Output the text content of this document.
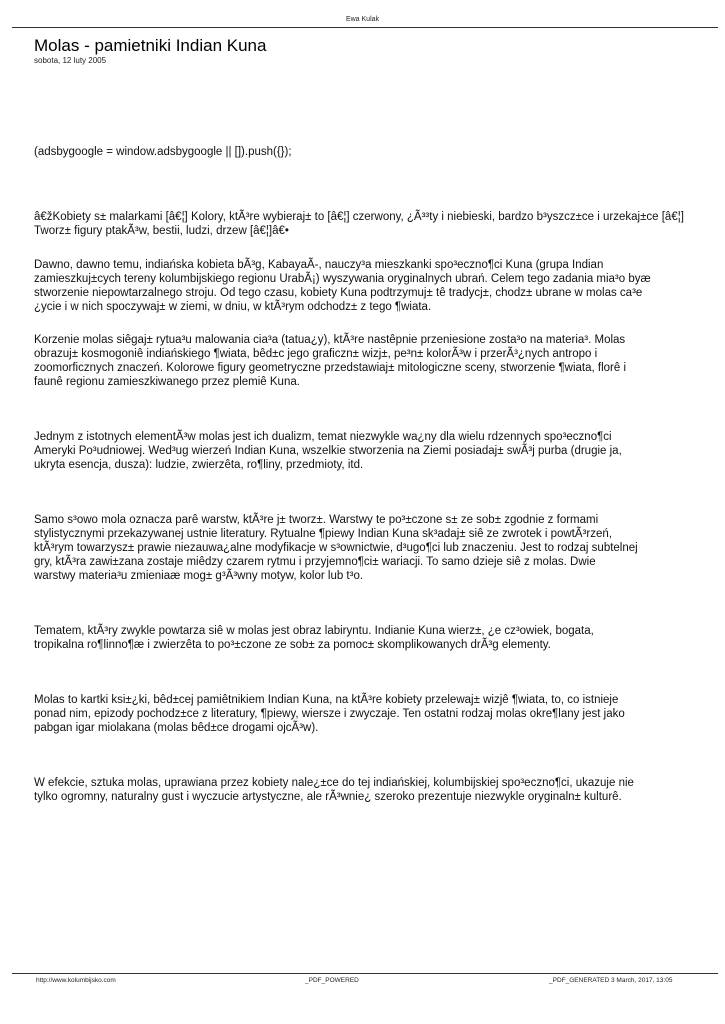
Ewa Kulak
Molas - pamietniki Indian Kuna
sobota, 12 luty 2005
(adsbygoogle = window.adsbygoogle || []).push({});

â€žKobiety s± malarkami [â€¦] Kolory, ktÃ³re wybieraj± to [â€¦] czerwony, ¿Ã³³ty i niebieski, bardzo b³yszcz±ce i urzekaj±ce [â€¦]
Tworz± figury ptakÃ³w, bestii, ludzi, drzew [â€¦]â€•

Dawno, dawno temu, indiańska kobieta bÃ³g, KabayaÃ-, nauczy³a mieszkanki spo³eczno¶ci Kuna (grupa Indian
zamieszkuj±cych tereny kolumbijskiego regionu UrabÃ¡) wyszywania oryginalnych ubrań. Celem tego zadania mia³o byæ
stworzenie niepowtarzalnego stroju. Od tego czasu, kobiety Kuna podtrzymuj± tê tradycj±, chodz± ubrane w molas ca³e
¿ycie i w nich spoczywaj± w ziemi, w dniu, w ktÃ³rym odchodz± z tego ¶wiata.

Korzenie molas siêgaj± rytua³u malowania cia³a (tatua¿y), ktÃ³re nastêpnie przeniesione zosta³o na materia³. Molas
obrazuj± kosmogoniê indiańskiego ¶wiata, bêd±c jego graficzn± wizj±, pe³n± kolorÃ³w i przerÃ³¿nych antropo i
zoomorficznych znaczeń. Kolorowe figury geometryczne przedstawiaj± mitologiczne sceny, stworzenie ¶wiata, florê i
faunê regionu zamieszkiwanego przez plemiê Kuna.

Jednym z istotnych elementÃ³w molas jest ich dualizm, temat niezwykle wa¿ny dla wielu rdzennych spo³eczno¶ci
Ameryki Po³udniowej. Wed³ug wierzeń Indian Kuna, wszelkie stworzenia na Ziemi posiadaj± swÃ³j purba (drugie ja,
ukryta esencja, dusza): ludzie, zwierzêta, ro¶liny, przedmioty, itd.

Samo s³owo mola oznacza parê warstw, ktÃ³re j± tworz±. Warstwy te po³±czone s± ze sob± zgodnie z formami
stylistycznymi przekazywanej ustnie literatury. Rytualne ¶piewy Indian Kuna sk³adaj± siê ze zwrotek i powtÃ³rzeń,
ktÃ³rym towarzysz± prawie niezauwa¿alne modyfikacje w s³ownictwie, d³ugo¶ci lub znaczeniu. Jest to rodzaj subtelnej
gry, ktÃ³ra zawi±zana zostaje miêdzy czarem rytmu i przyjemno¶ci± wariacji. To samo dzieje siê z molas. Dwie
warstwy materia³u zmieniaæ mog± g³Ã³wny motyw, kolor lub t³o.

Tematem, ktÃ³ry zwykle powtarza siê w molas jest obraz labiryntu. Indianie Kuna wierz±, ¿e cz³owiek, bogata,
tropikalna ro¶linno¶æ i zwierzêta to po³±czone ze sob± za pomoc± skomplikowanych drÃ³g elementy.

Molas to kartki ksi±¿ki, bêd±cej pamiêtnikiem Indian Kuna, na ktÃ³re kobiety przelewaj± wizjê ¶wiata, to, co istnieje
ponad nim, epizody pochodz±ce z literatury, ¶piewy, wiersze i zwyczaje. Ten ostatni rodzaj molas okre¶lany jest jako
pabgan igar miolakana (molas bêd±ce drogami ojcÃ³w).

W efekcie, sztuka molas, uprawiana przez kobiety nale¿±ce do tej indiańskiej, kolumbijskiej spo³eczno¶ci, ukazuje nie
tylko ogromny, naturalny gust i wyczucie artystyczne, ale rÃ³wnie¿ szeroko prezentuje niezwykle oryginaln± kulturê.

http://www.kolumbijsko.com	_PDF_POWERED	_PDF_GENERATED 3 March, 2017, 13:05
